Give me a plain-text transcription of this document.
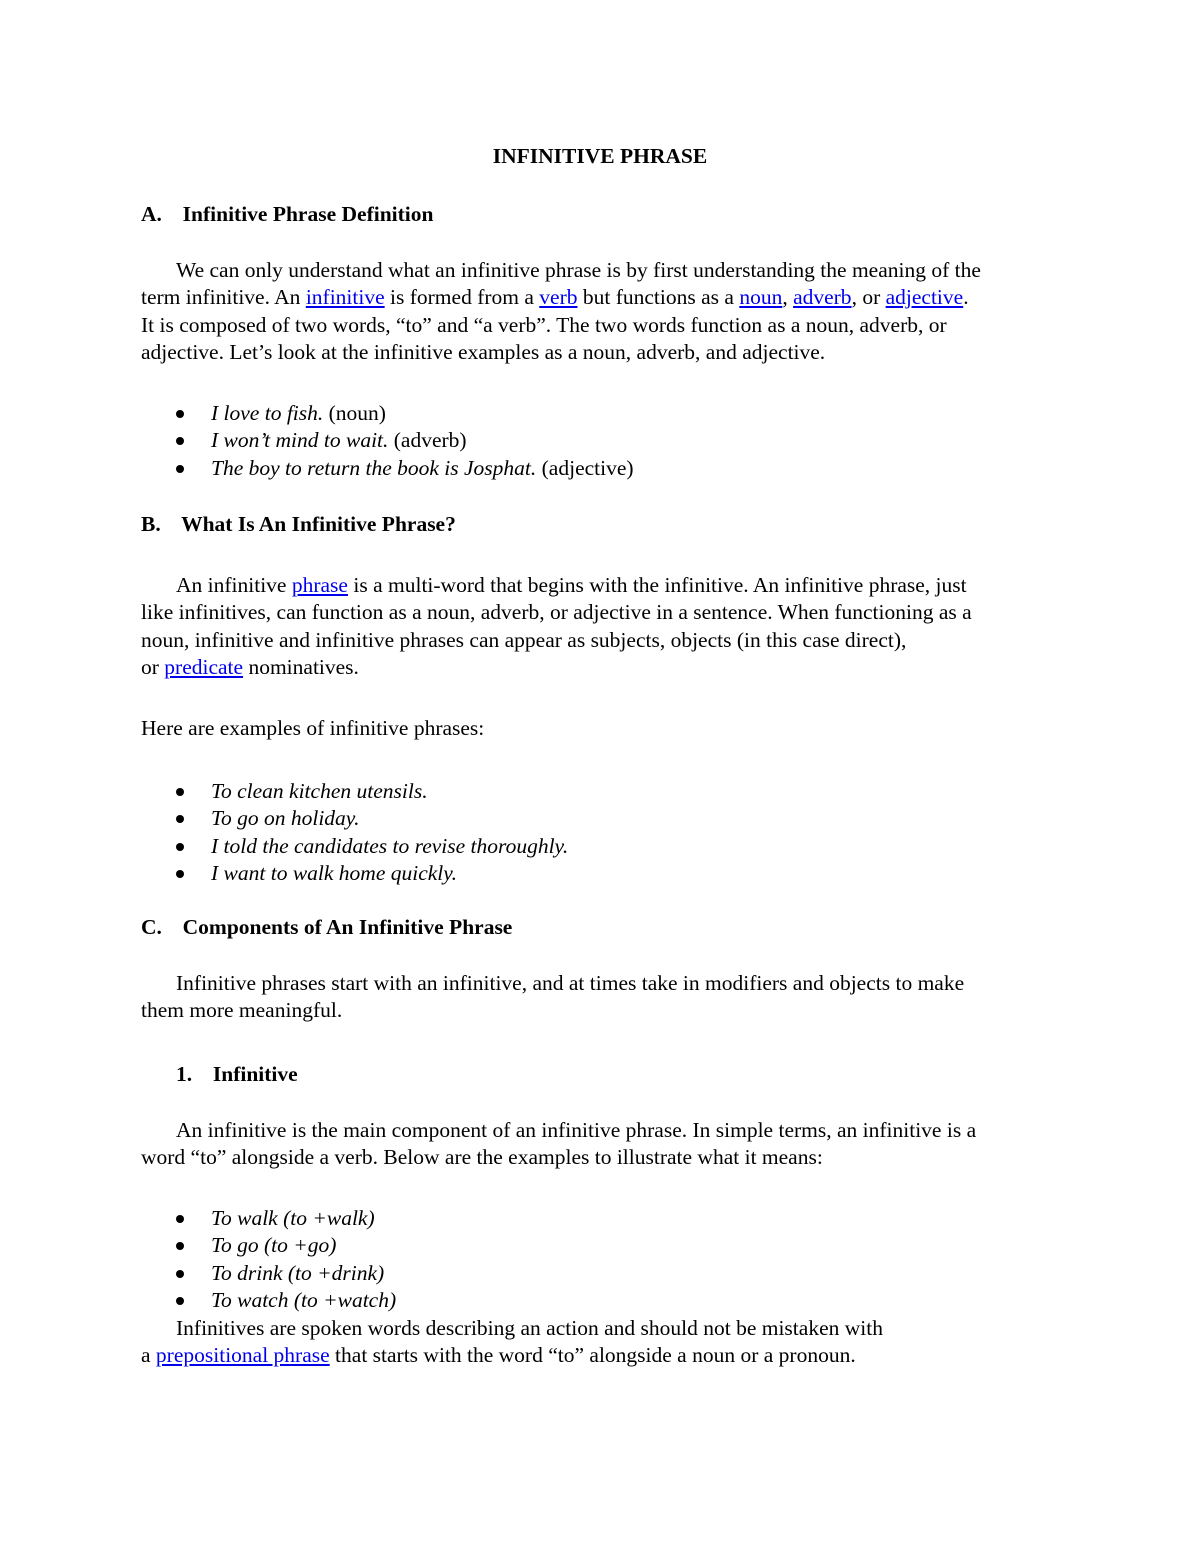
INFINITIVE PHRASE
A. Infinitive Phrase Definition
We can only understand what an infinitive phrase is by first understanding the meaning of the
term infinitive. An infinitive is formed from a verb but functions as a noun, adverb, or adjective.
It is composed of two words, “to” and “a verb”. The two words function as a noun, adverb, or
adjective. Let’s look at the infinitive examples as a noun, adverb, and adjective.
I love to fish. (noun)
I won’t mind to wait. (adverb)
The boy to return the book is Josphat. (adjective)
B. What Is An Infinitive Phrase?
An infinitive phrase is a multi-word that begins with the infinitive. An infinitive phrase, just
like infinitives, can function as a noun, adverb, or adjective in a sentence. When functioning as a
noun, infinitive and infinitive phrases can appear as subjects, objects (in this case direct),
or predicate nominatives.
Here are examples of infinitive phrases:
To clean kitchen utensils.
To go on holiday.
I told the candidates to revise thoroughly.
I want to walk home quickly.
C. Components of An Infinitive Phrase
Infinitive phrases start with an infinitive, and at times take in modifiers and objects to make
them more meaningful.
1. Infinitive
An infinitive is the main component of an infinitive phrase. In simple terms, an infinitive is a
word “to” alongside a verb. Below are the examples to illustrate what it means:
To walk (to +walk)
To go (to +go)
To drink (to +drink)
To watch (to +watch)
Infinitives are spoken words describing an action and should not be mistaken with
a prepositional phrase that starts with the word “to” alongside a noun or a pronoun.
